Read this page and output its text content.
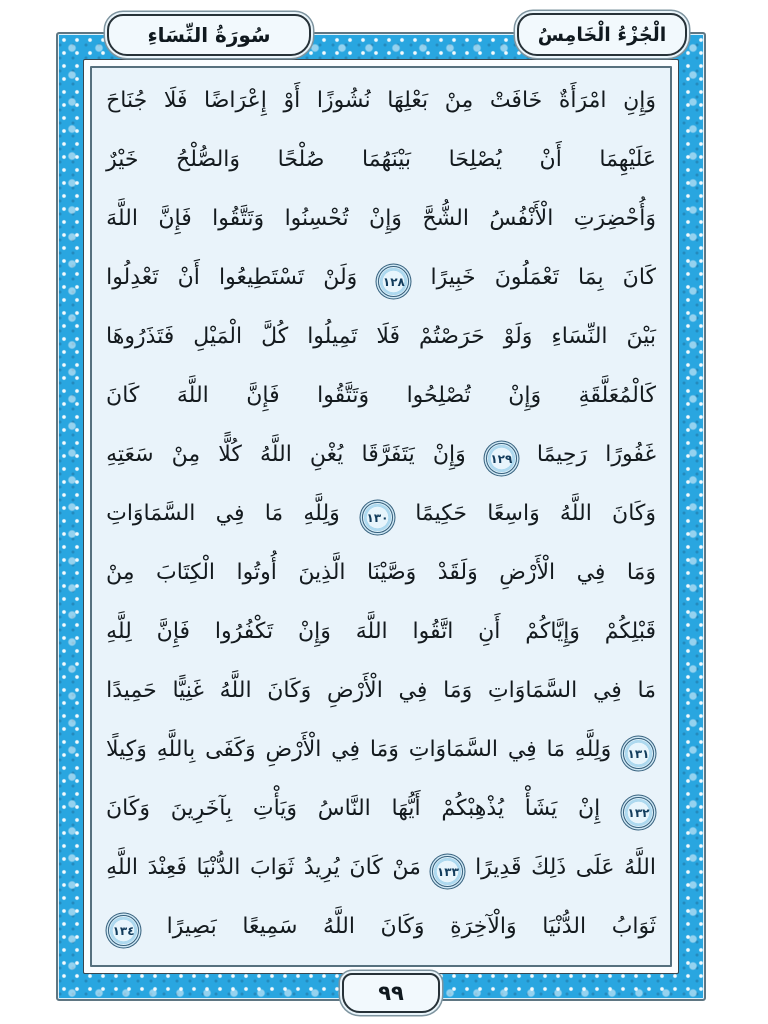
وَإِنِ
امْرَأَةٌ
خَافَتْ
مِنْ
بَعْلِهَا
نُشُوزًا
أَوْ
إِعْرَاضًا
فَلَا
جُنَاحَ
عَلَيْهِمَا
أَنْ
يُصْلِحَا
بَيْنَهُمَا
صُلْحًا
وَالصُّلْحُ
خَيْرٌ
وَأُحْضِرَتِ
الْأَنْفُسُ
الشُّحَّ
وَإِنْ
تُحْسِنُوا
وَتَتَّقُوا
فَإِنَّ
اللَّهَ
كَانَ
بِمَا
تَعْمَلُونَ
خَبِيرًا
١٢٨
وَلَنْ
تَسْتَطِيعُوا
أَنْ
تَعْدِلُوا
بَيْنَ
النِّسَاءِ
وَلَوْ
حَرَصْتُمْ
فَلَا
تَمِيلُوا
كُلَّ
الْمَيْلِ
فَتَذَرُوهَا
كَالْمُعَلَّقَةِ
وَإِنْ
تُصْلِحُوا
وَتَتَّقُوا
فَإِنَّ
اللَّهَ
كَانَ
غَفُورًا
رَحِيمًا
١٢٩
وَإِنْ
يَتَفَرَّقَا
يُغْنِ
اللَّهُ
كُلًّا
مِنْ
سَعَتِهِ
وَكَانَ
اللَّهُ
وَاسِعًا
حَكِيمًا
١٣٠
وَلِلَّهِ
مَا
فِي
السَّمَاوَاتِ
وَمَا
فِي
الْأَرْضِ
وَلَقَدْ
وَصَّيْنَا
الَّذِينَ
أُوتُوا
الْكِتَابَ
مِنْ
قَبْلِكُمْ
وَإِيَّاكُمْ
أَنِ
اتَّقُوا
اللَّهَ
وَإِنْ
تَكْفُرُوا
فَإِنَّ
لِلَّهِ
مَا
فِي
السَّمَاوَاتِ
وَمَا
فِي
الْأَرْضِ
وَكَانَ
اللَّهُ
غَنِيًّا
حَمِيدًا
١٣١
وَلِلَّهِ
مَا
فِي
السَّمَاوَاتِ
وَمَا
فِي
الْأَرْضِ
وَكَفَى
بِاللَّهِ
وَكِيلًا
١٣٢
إِنْ
يَشَأْ
يُذْهِبْكُمْ
أَيُّهَا
النَّاسُ
وَيَأْتِ
بِآخَرِينَ
وَكَانَ
اللَّهُ
عَلَى
ذَلِكَ
قَدِيرًا
١٣٣
مَنْ
كَانَ
يُرِيدُ
ثَوَابَ
الدُّنْيَا
فَعِنْدَ
اللَّهِ
ثَوَابُ
الدُّنْيَا
وَالْآخِرَةِ
وَكَانَ
اللَّهُ
سَمِيعًا
بَصِيرًا
١٣٤
سُورَةُ النِّسَاءِ	الْجُزْءُ الْخَامِسُ
٩٩
